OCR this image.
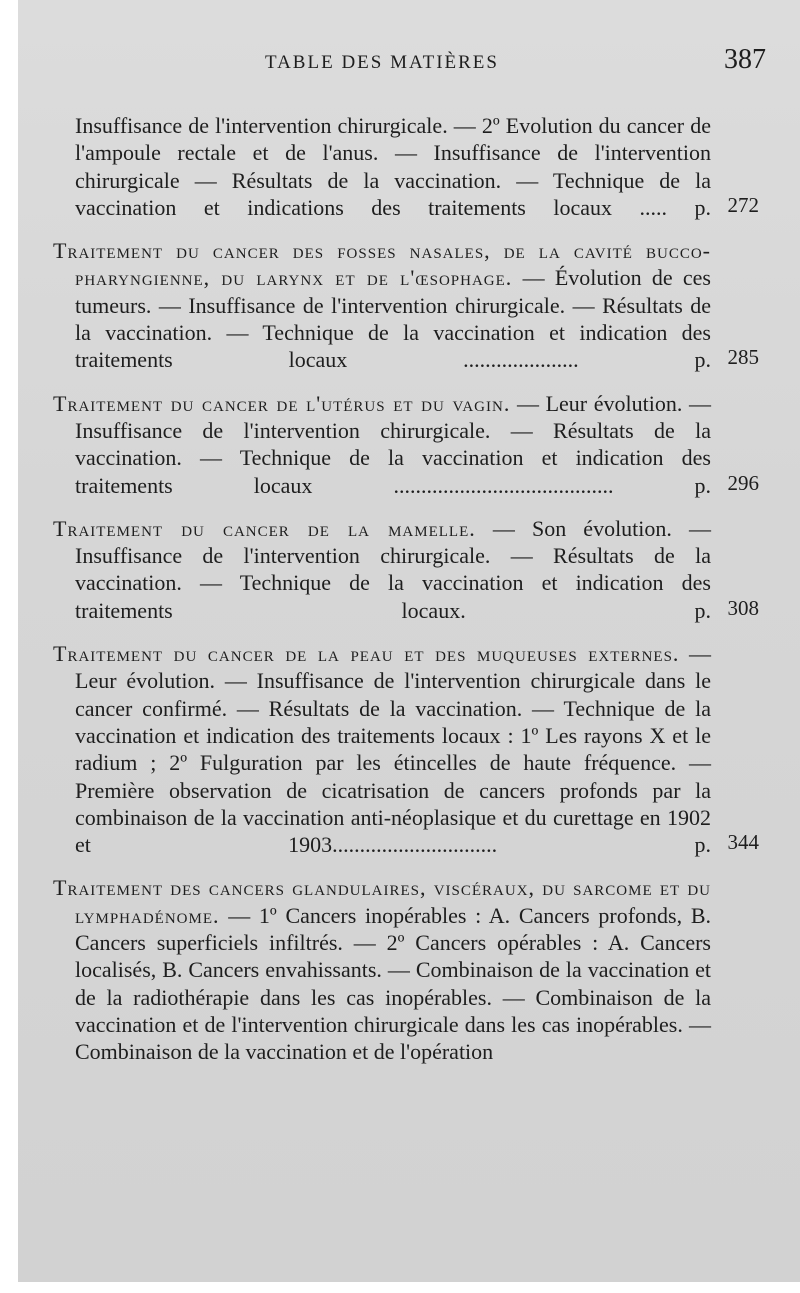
TABLE DES MATIÈRES	387
Insuffisance de l'intervention chirurgicale. — 2º Evolution du cancer de l'ampoule rectale et de l'anus. — Insuffisance de l'intervention chirurgicale — Résultats de la vaccination. — Technique de la vaccination et indications des traitements locaux ..... p. 272
Traitement du cancer des fosses nasales, de la cavité bucco-pharyngienne, du larynx et de l'œsophage. — Évolution de ces tumeurs. — Insuffisance de l'intervention chirurgicale. — Résultats de la vaccination. — Technique de la vaccination et indication des traitements locaux ..................... p. 285
Traitement du cancer de l'utérus et du vagin. — Leur évolution. — Insuffisance de l'intervention chirurgicale. — Résultats de la vaccination. — Technique de la vaccination et indication des traitements locaux ........................................ p. 296
Traitement du cancer de la mamelle. — Son évolution. — Insuffisance de l'intervention chirurgicale. — Résultats de la vaccination. — Technique de la vaccination et indication des traitements locaux. p. 308
Traitement du cancer de la peau et des muqueuses externes. — Leur évolution. — Insuffisance de l'intervention chirurgicale dans le cancer confirmé. — Résultats de la vaccination. — Technique de la vaccination et indication des traitements locaux : 1º Les rayons X et le radium ; 2º Fulguration par les étincelles de haute fréquence. — Première observation de cicatrisation de cancers profonds par la combinaison de la vaccination anti-néoplasique et du curettage en 1902 et 1903.............................. p. 344
Traitement des cancers glandulaires, viscéraux, du sarcome et du lymphadénome. — 1º Cancers inopérables : A. Cancers profonds, B. Cancers superficiels infiltrés. — 2º Cancers opérables : A. Cancers localisés, B. Cancers envahissants. — Combinaison de la vaccination et de la radiothérapie dans les cas inopérables. — Combinaison de la vaccination et de l'intervention chirurgicale dans les cas inopérables. — Combinaison de la vaccination et de l'opération
